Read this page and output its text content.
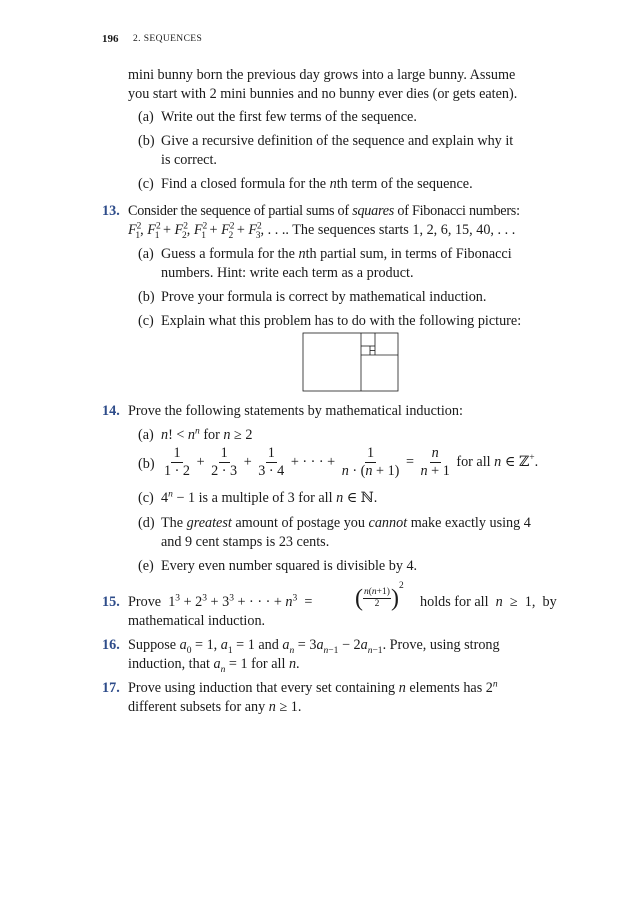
196 2. SEQUENCES
mini bunny born the previous day grows into a large bunny. Assume
you start with 2 mini bunnies and no bunny ever dies (or gets eaten).
(a) Write out the first few terms of the sequence.
(b) Give a recursive definition of the sequence and explain why it
is correct.
(c) Find a closed formula for the nth term of the sequence.
13. Consider the sequence of partial sums of squares of Fibonacci numbers:
$F^2_1$, $F^2_1 + F^2_2$, $F^2_1 + F^2_2 + F^2_3$, . . .. The sequences starts 1, 2, 6, 15, 40, . . .
(a) Guess a formula for the nth partial sum, in terms of Fibonacci
numbers. Hint: write each term as a product.
(b) Prove your formula is correct by mathematical induction.
(c) Explain what this problem has to do with the following picture:
14. Prove the following statements by mathematical induction:
(a) n! < $n^n$ for n ≥ 2
$(b) \frac{1}{1 \cdot 2} + \frac{1}{2 \cdot 3} + \frac{1}{3 \cdot 4}$ + · · · + $\frac{1}{n \cdot (n + 1)} = \frac{n}{n + 1}$ for all n ∈ ℤ+.
(c) $4^n - 1$ is a multiple of 3 for all n ∈ ℕ.
(d) The greatest amount of postage you cannot make exactly using 4
and 9 cent stamps is 23 cents.
(e) Every even number squared is divisible by 4.
15. Prove  $1^3 + 2^3 + 3^3$ + · · · + $n^3$  = ( $\frac{n(n+1)}{2} )^2$
holds for all n  ≥  1,  by
mathematical induction.
16. Suppose $a_0 = 1$, $a_1 = 1$ and $a_n = 3a_{n-1} - 2a_{n-1}$. Prove, using strong
induction, that $a_n = 1$ for all n.
17. Prove using induction that every set containing n elements has 2$^n$
different subsets for any n ≥ 1.
